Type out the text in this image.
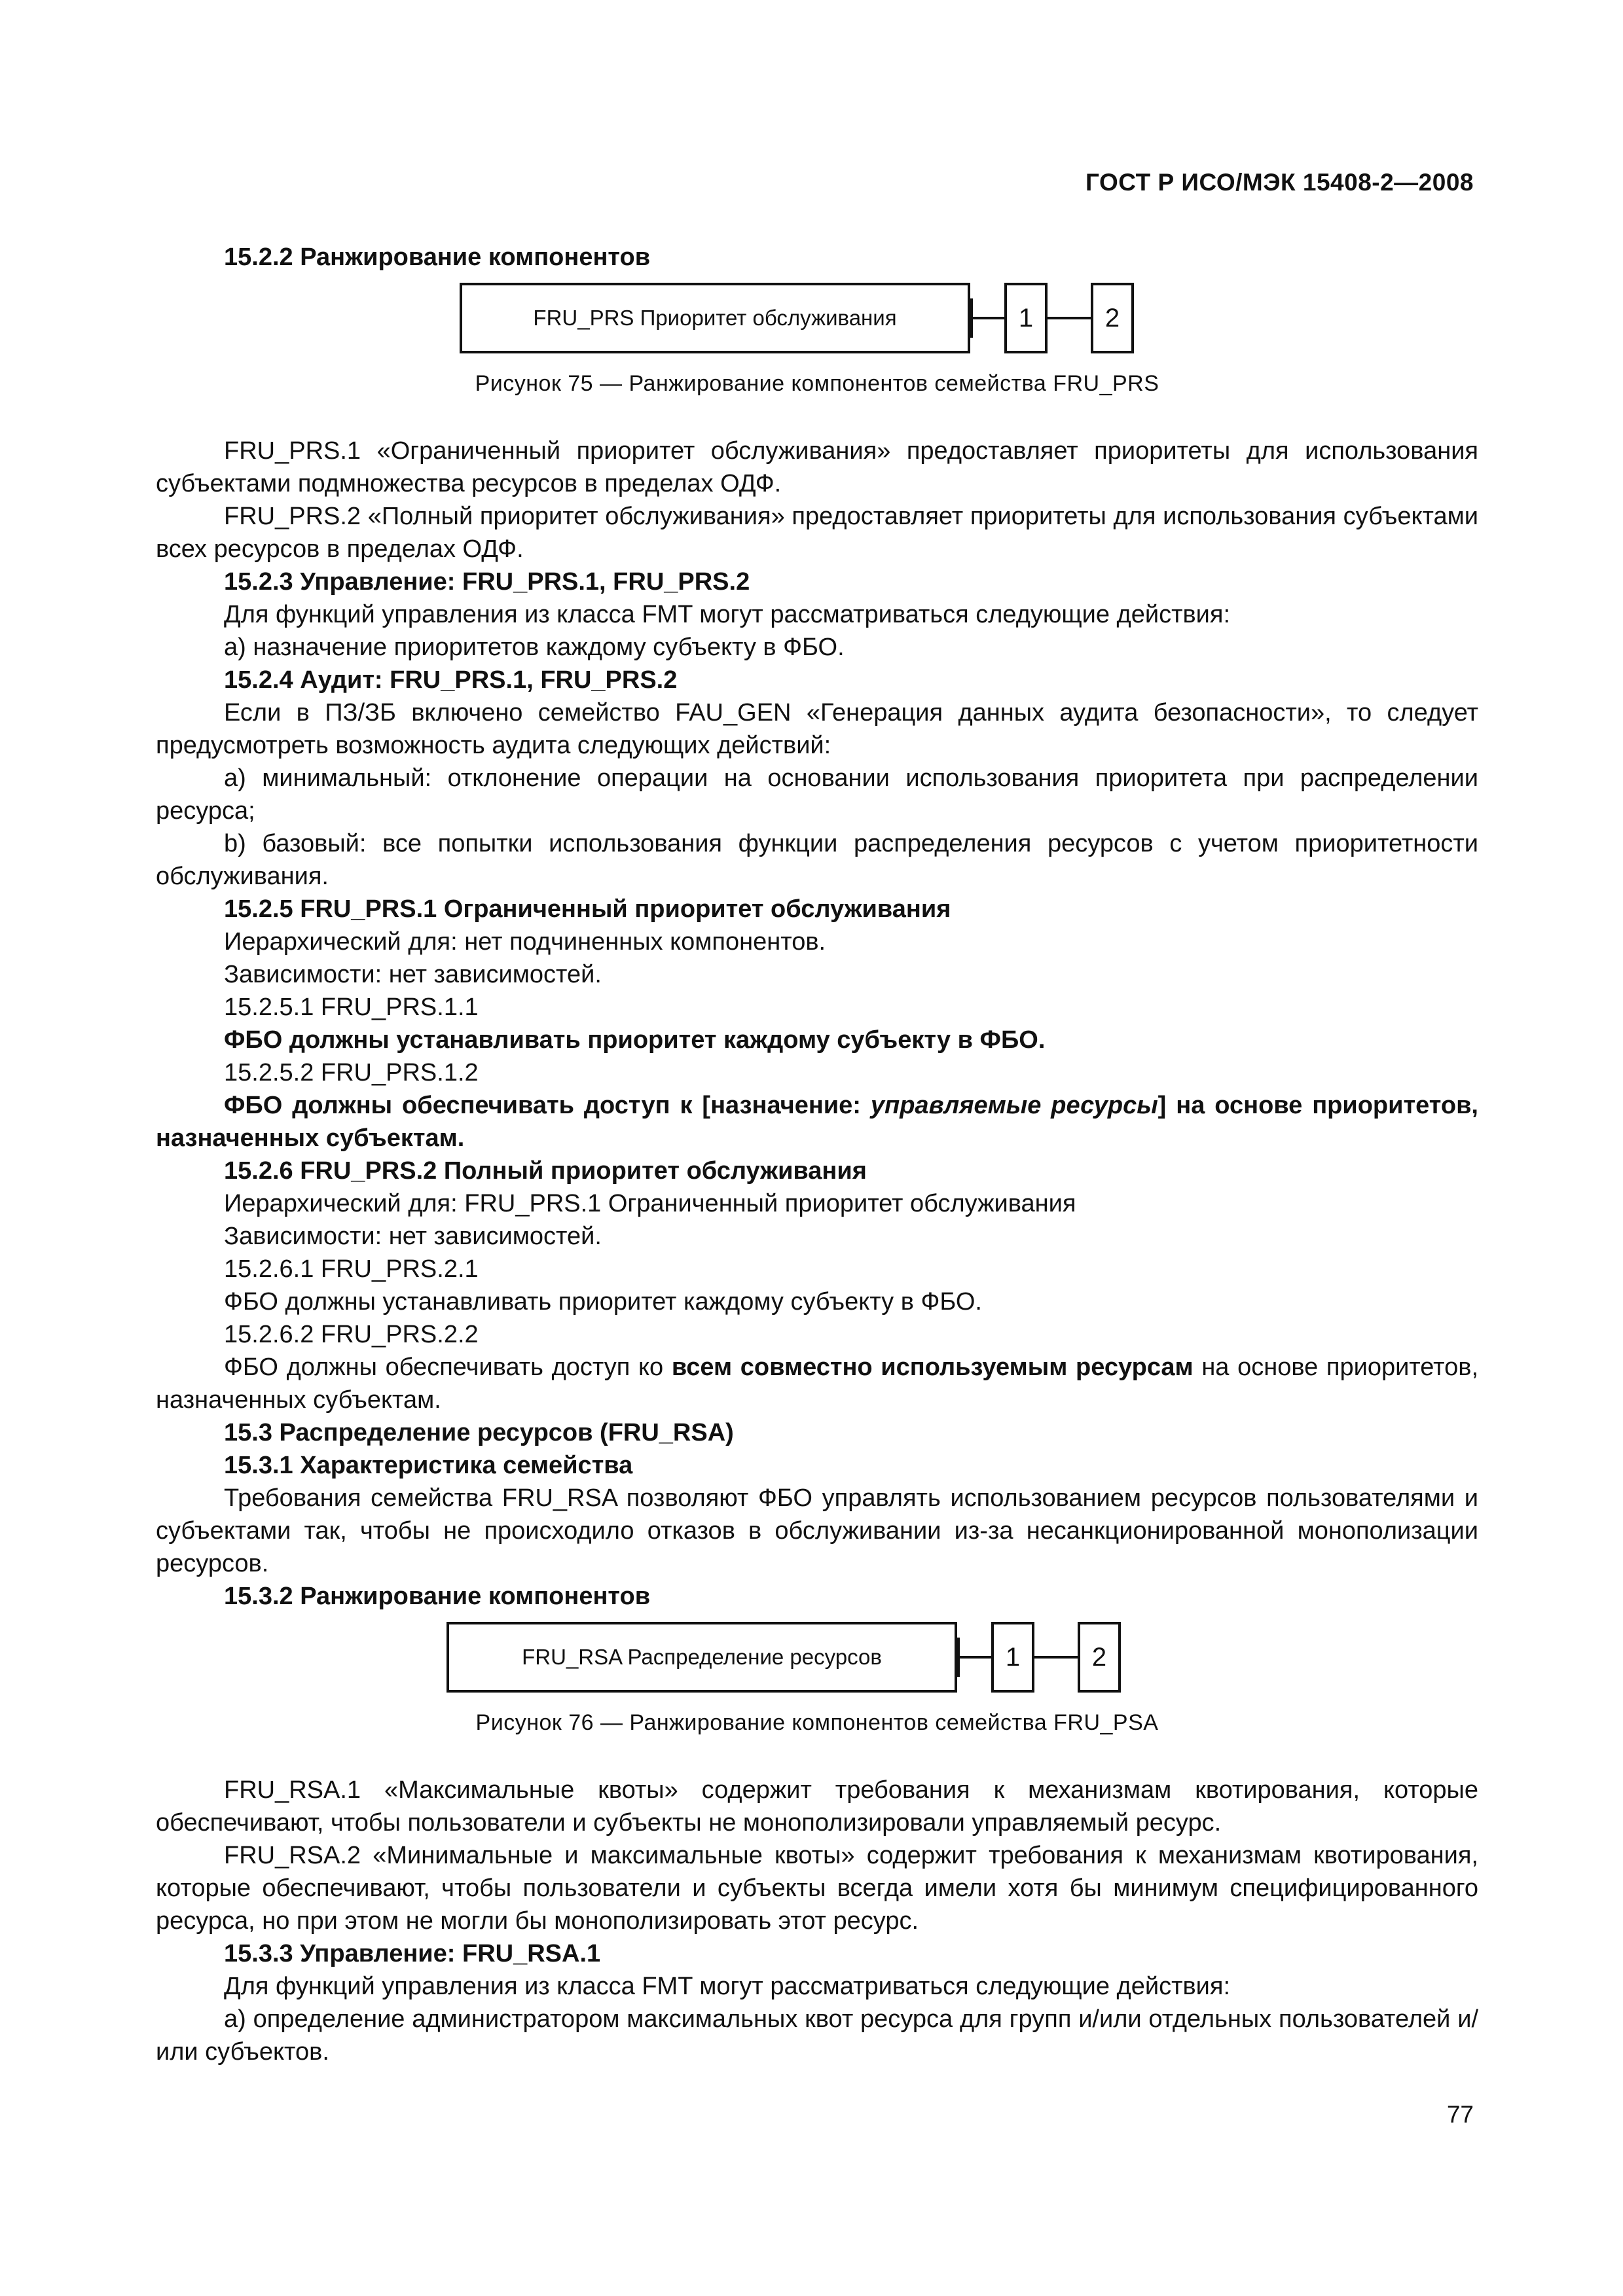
ГОСТ Р ИСО/МЭК 15408-2—2008

15.2.2 Ранжирование компонентов

FRU_PRS Приоритет обслуживания	1	2

Рисунок 75 — Ранжирование компонентов семейства FRU_PRS

FRU_PRS.1 «Ограниченный приоритет обслуживания» предоставляет приоритеты для использования субъектами подмножества ресурсов в пределах ОДФ.

FRU_PRS.2 «Полный приоритет обслуживания» предоставляет приоритеты для использования субъектами всех ресурсов в пределах ОДФ.

15.2.3 Управление: FRU_PRS.1, FRU_PRS.2

Для функций управления из класса FMT могут рассматриваться следующие действия:

а) назначение приоритетов каждому субъекту в ФБО.

15.2.4 Аудит: FRU_PRS.1, FRU_PRS.2

Если в ПЗ/ЗБ включено семейство FAU_GEN «Генерация данных аудита безопасности», то следует предусмотреть возможность аудита следующих действий:

а) минимальный: отклонение операции на основании использования приоритета при распределении ресурса;

b) базовый: все попытки использования функции распределения ресурсов с учетом приоритетности обслуживания.

15.2.5 FRU_PRS.1 Ограниченный приоритет обслуживания

Иерархический для: нет подчиненных компонентов.

Зависимости: нет зависимостей.

15.2.5.1 FRU_PRS.1.1

ФБО должны устанавливать приоритет каждому субъекту в ФБО.

15.2.5.2 FRU_PRS.1.2

ФБО должны обеспечивать доступ к [назначение: управляемые ресурсы] на основе приоритетов, назначенных субъектам.

15.2.6 FRU_PRS.2 Полный приоритет обслуживания

Иерархический для: FRU_PRS.1 Ограниченный приоритет обслуживания

Зависимости: нет зависимостей.

15.2.6.1 FRU_PRS.2.1

ФБО должны устанавливать приоритет каждому субъекту в ФБО.

15.2.6.2 FRU_PRS.2.2

ФБО должны обеспечивать доступ ко всем совместно используемым ресурсам на основе приоритетов, назначенных субъектам.

15.3 Распределение ресурсов (FRU_RSA)

15.3.1 Характеристика семейства

Требования семейства FRU_RSA позволяют ФБО управлять использованием ресурсов пользователями и субъектами так, чтобы не происходило отказов в обслуживании из-за несанкционированной монополизации ресурсов.

15.3.2 Ранжирование компонентов

FRU_RSA Распределение ресурсов	1	2

Рисунок 76 — Ранжирование компонентов семейства FRU_PSA

FRU_RSA.1 «Максимальные квоты» содержит требования к механизмам квотирования, которые обеспечивают, чтобы пользователи и субъекты не монополизировали управляемый ресурс.

FRU_RSA.2 «Минимальные и максимальные квоты» содержит требования к механизмам квотирования, которые обеспечивают, чтобы пользователи и субъекты всегда имели хотя бы минимум специфицированного ресурса, но при этом не могли бы монополизировать этот ресурс.

15.3.3 Управление: FRU_RSA.1

Для функций управления из класса FMT могут рассматриваться следующие действия:

а) определение администратором максимальных квот ресурса для групп и/или отдельных пользователей и/или субъектов.

77
